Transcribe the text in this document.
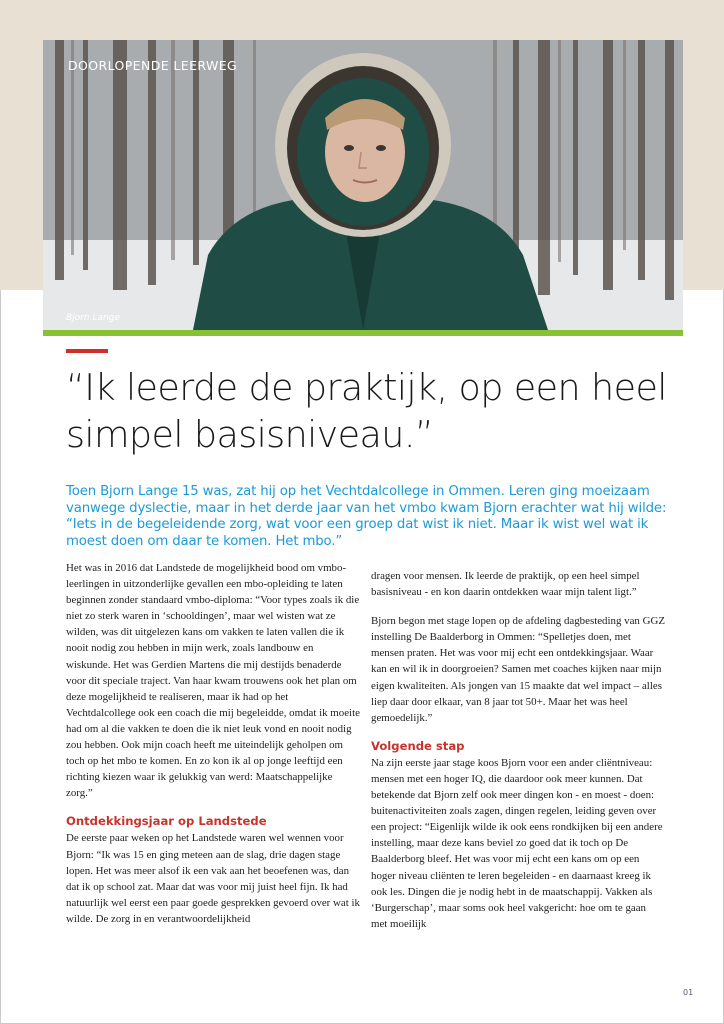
DOORLOPENDE LEERWEG
Bjorn Lange
“Ik leerde de praktijk, op een heel simpel basisniveau.”

Toen Bjorn Lange 15 was, zat hij op het Vechtdalcollege in Ommen. Leren ging moeizaam vanwege dyslectie, maar in het derde jaar van het vmbo kwam Bjorn erachter wat hij wilde: “Iets in de begeleidende zorg, wat voor een groep dat wist ik niet. Maar ik wist wel wat ik moest doen om daar te komen. Het mbo.”

Het was in 2016 dat Landstede de mogelijkheid bood om vmbo-leerlingen in uitzonderlijke gevallen een mbo-opleiding te laten beginnen zonder standaard vmbo-diploma: “Voor types zoals ik die niet zo sterk waren in ‘schooldingen’, maar wel wisten wat ze wilden, was dit uitgelezen kans om vakken te laten vallen die ik nooit nodig zou hebben in mijn werk, zoals landbouw en wiskunde. Het was Gerdien Martens die mij destijds benaderde voor dit speciale traject. Van haar kwam trouwens ook het plan om deze mogelijkheid te realiseren, maar ik had op het Vechtdalcollege ook een coach die mij begeleidde, omdat ik moeite had om al die vakken te doen die ik niet leuk vond en nooit nodig zou hebben. Ook mijn coach heeft me uiteindelijk geholpen om toch op het mbo te komen. En zo kon ik al op jonge leeftijd een richting kiezen waar ik gelukkig van werd: Maatschappelijke zorg.”

Ontdekkingsjaar op Landstede

De eerste paar weken op het Landstede waren wel wennen voor Bjorn: “Ik was 15 en ging meteen aan de slag, drie dagen stage lopen. Het was meer alsof ik een vak aan het beoefenen was, dan dat ik op school zat. Maar dat was voor mij juist heel fijn. Ik had natuurlijk wel eerst een paar goede gesprekken gevoerd over wat ik wilde. De zorg in en verantwoordelijkheid

dragen voor mensen. Ik leerde de praktijk, op een heel simpel basisniveau - en kon daarin ontdekken waar mijn talent ligt.”

Bjorn begon met stage lopen op de afdeling dagbesteding van GGZ instelling De Baalderborg in Ommen: “Spelletjes doen, met mensen praten. Het was voor mij echt een ontdekkingsjaar. Waar kan en wil ik in doorgroeien? Samen met coaches kijken naar mijn eigen kwaliteiten. Als jongen van 15 maakte dat wel impact – alles liep daar door elkaar, van 8 jaar tot 50+. Maar het was heel gemoedelijk.”

Volgende stap

Na zijn eerste jaar stage koos Bjorn voor een ander cliëntniveau: mensen met een hoger IQ, die daardoor ook meer kunnen. Dat betekende dat Bjorn zelf ook meer dingen kon - en moest - doen: buitenactiviteiten zoals zagen, dingen regelen, leiding geven over een project: “Eigenlijk wilde ik ook eens rondkijken bij een andere instelling, maar deze kans beviel zo goed dat ik toch op De Baalderborg bleef. Het was voor mij echt een kans om op een hoger niveau cliënten te leren begeleiden - en daarnaast kreeg ik ook les. Dingen die je nodig hebt in de maatschappij. Vakken als ‘Burgerschap’, maar soms ook heel vakgericht: hoe om te gaan met moeilijk

01
